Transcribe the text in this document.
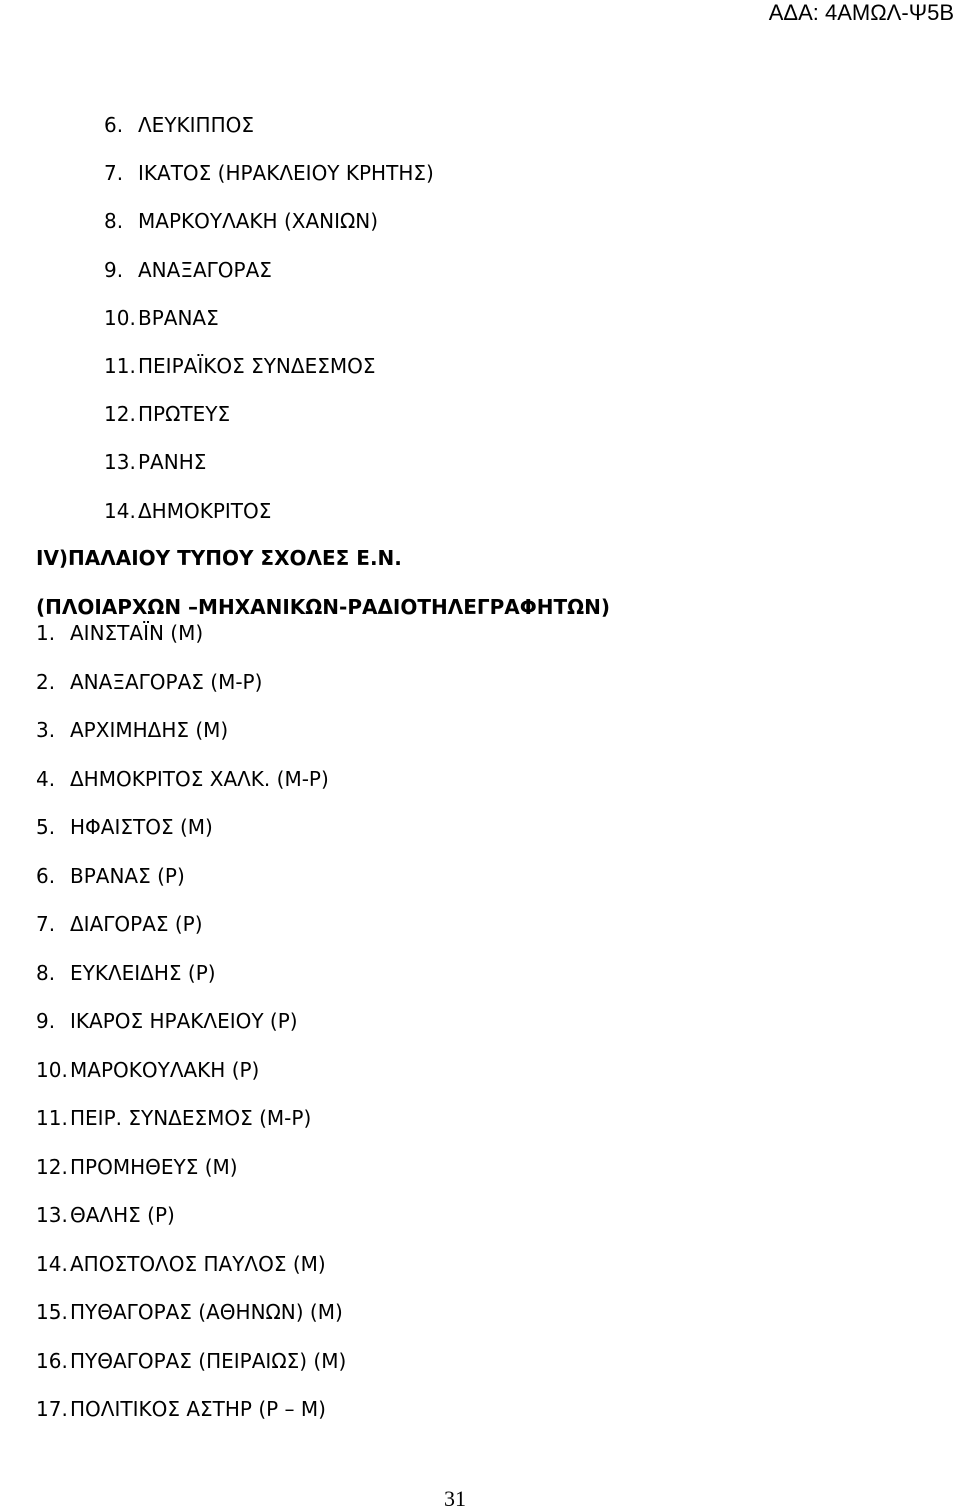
ΑΔΑ: 4ΑΜΩΛ-Ψ5Β
6. ΛΕΥΚΙΠΠΟΣ
7. ΙΚΑΤΟΣ (ΗΡΑΚΛΕΙΟΥ ΚΡΗΤΗΣ)
8. ΜΑΡΚΟΥΛΑΚΗ (ΧΑΝΙΩΝ)
9. ΑΝΑΞΑΓΟΡΑΣ
10. ΒΡΑΝΑΣ
11. ΠΕΙΡΑΪΚΟΣ ΣΥΝΔΕΣΜΟΣ
12. ΠΡΩΤΕΥΣ
13. ΡΑΝΗΣ
14. ΔΗΜΟΚΡΙΤΟΣ
IV)ΠΑΛΑΙΟΥ ΤΥΠΟΥ ΣΧΟΛΕΣ Ε.Ν.
(ΠΛΟΙΑΡΧΩΝ –ΜΗΧΑΝΙΚΩΝ-ΡΑΔΙΟΤΗΛΕΓΡΑΦΗΤΩΝ)
1. ΑΙΝΣΤΑΪΝ (Μ)
2. ΑΝΑΞΑΓΟΡΑΣ (Μ-Ρ)
3. ΑΡΧΙΜΗΔΗΣ (Μ)
4. ΔΗΜΟΚΡΙΤΟΣ ΧΑΛΚ. (Μ-Ρ)
5. ΗΦΑΙΣΤΟΣ (Μ)
6. ΒΡΑΝΑΣ (Ρ)
7. ΔΙΑΓΟΡΑΣ (Ρ)
8. ΕΥΚΛΕΙΔΗΣ (Ρ)
9. ΙΚΑΡΟΣ ΗΡΑΚΛΕΙΟΥ (Ρ)
10. ΜΑΡΟΚΟΥΛΑΚΗ (Ρ)
11. ΠΕΙΡ. ΣΥΝΔΕΣΜΟΣ (Μ-Ρ)
12. ΠΡΟΜΗΘΕΥΣ (Μ)
13. ΘΑΛΗΣ (Ρ)
14. ΑΠΟΣΤΟΛΟΣ ΠΑΥΛΟΣ (Μ)
15. ΠΥΘΑΓΟΡΑΣ (ΑΘΗΝΩΝ) (Μ)
16. ΠΥΘΑΓΟΡΑΣ (ΠΕΙΡΑΙΩΣ) (Μ)
17. ΠΟΛΙΤΙΚΟΣ ΑΣΤΗΡ (Ρ – Μ)
31
